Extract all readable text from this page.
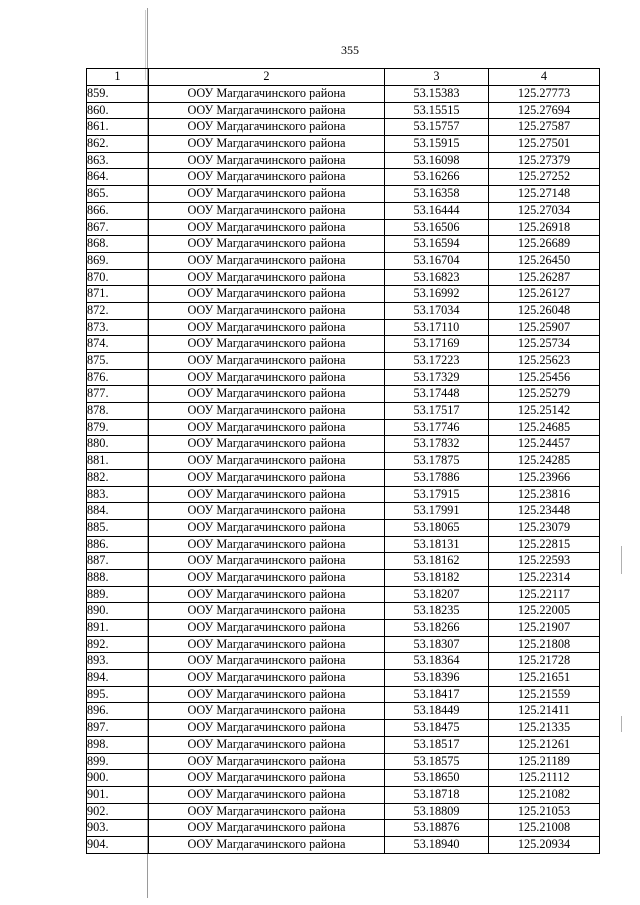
355
1	2	3	4
859.	ООУ Магдагачинского района	53.15383	125.27773
860.	ООУ Магдагачинского района	53.15515	125.27694
861.	ООУ Магдагачинского района	53.15757	125.27587
862.	ООУ Магдагачинского района	53.15915	125.27501
863.	ООУ Магдагачинского района	53.16098	125.27379
864.	ООУ Магдагачинского района	53.16266	125.27252
865.	ООУ Магдагачинского района	53.16358	125.27148
866.	ООУ Магдагачинского района	53.16444	125.27034
867.	ООУ Магдагачинского района	53.16506	125.26918
868.	ООУ Магдагачинского района	53.16594	125.26689
869.	ООУ Магдагачинского района	53.16704	125.26450
870.	ООУ Магдагачинского района	53.16823	125.26287
871.	ООУ Магдагачинского района	53.16992	125.26127
872.	ООУ Магдагачинского района	53.17034	125.26048
873.	ООУ Магдагачинского района	53.17110	125.25907
874.	ООУ Магдагачинского района	53.17169	125.25734
875.	ООУ Магдагачинского района	53.17223	125.25623
876.	ООУ Магдагачинского района	53.17329	125.25456
877.	ООУ Магдагачинского района	53.17448	125.25279
878.	ООУ Магдагачинского района	53.17517	125.25142
879.	ООУ Магдагачинского района	53.17746	125.24685
880.	ООУ Магдагачинского района	53.17832	125.24457
881.	ООУ Магдагачинского района	53.17875	125.24285
882.	ООУ Магдагачинского района	53.17886	125.23966
883.	ООУ Магдагачинского района	53.17915	125.23816
884.	ООУ Магдагачинского района	53.17991	125.23448
885.	ООУ Магдагачинского района	53.18065	125.23079
886.	ООУ Магдагачинского района	53.18131	125.22815
887.	ООУ Магдагачинского района	53.18162	125.22593
888.	ООУ Магдагачинского района	53.18182	125.22314
889.	ООУ Магдагачинского района	53.18207	125.22117
890.	ООУ Магдагачинского района	53.18235	125.22005
891.	ООУ Магдагачинского района	53.18266	125.21907
892.	ООУ Магдагачинского района	53.18307	125.21808
893.	ООУ Магдагачинского района	53.18364	125.21728
894.	ООУ Магдагачинского района	53.18396	125.21651
895.	ООУ Магдагачинского района	53.18417	125.21559
896.	ООУ Магдагачинского района	53.18449	125.21411
897.	ООУ Магдагачинского района	53.18475	125.21335
898.	ООУ Магдагачинского района	53.18517	125.21261
899.	ООУ Магдагачинского района	53.18575	125.21189
900.	ООУ Магдагачинского района	53.18650	125.21112
901.	ООУ Магдагачинского района	53.18718	125.21082
902.	ООУ Магдагачинского района	53.18809	125.21053
903.	ООУ Магдагачинского района	53.18876	125.21008
904.	ООУ Магдагачинского района	53.18940	125.20934
